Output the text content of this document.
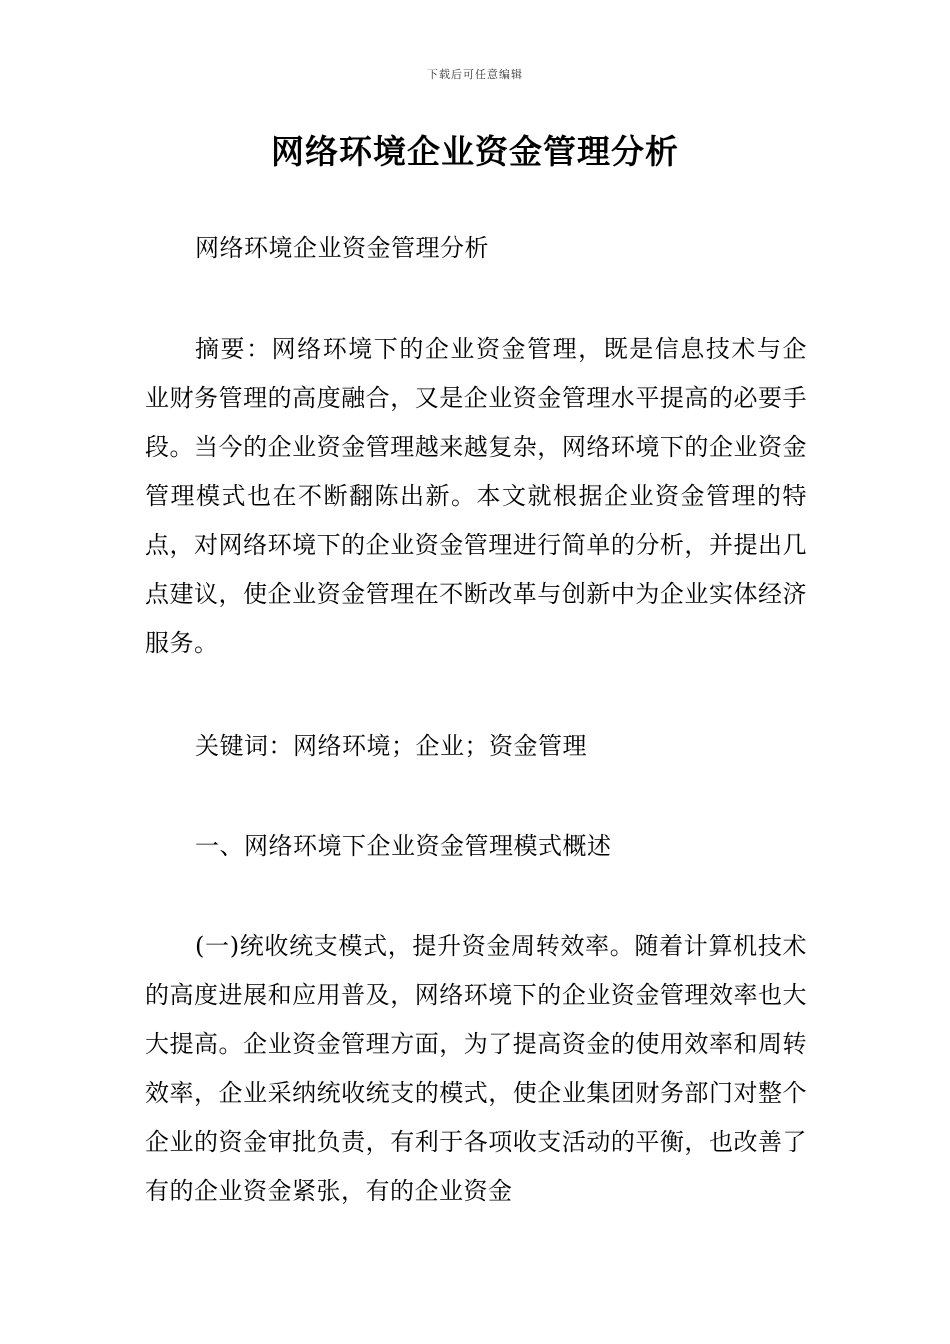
下载后可任意编辑
网络环境企业资金管理分析
网络环境企业资金管理分析
摘要：网络环境下的企业资金管理，既是信息技术与企业财务管理的高度融合，又是企业资金管理水平提高的必要手段。当今的企业资金管理越来越复杂，网络环境下的企业资金管理模式也在不断翻陈出新。本文就根据企业资金管理的特点，对网络环境下的企业资金管理进行简单的分析，并提出几点建议，使企业资金管理在不断改革与创新中为企业实体经济服务。
关键词：网络环境；企业；资金管理
一、网络环境下企业资金管理模式概述
(一)统收统支模式，提升资金周转效率。随着计算机技术的高度进展和应用普及，网络环境下的企业资金管理效率也大大提高。企业资金管理方面，为了提高资金的使用效率和周转效率，企业采纳统收统支的模式，使企业集团财务部门对整个企业的资金审批负责，有利于各项收支活动的平衡，也改善了有的企业资金紧张，有的企业资金
